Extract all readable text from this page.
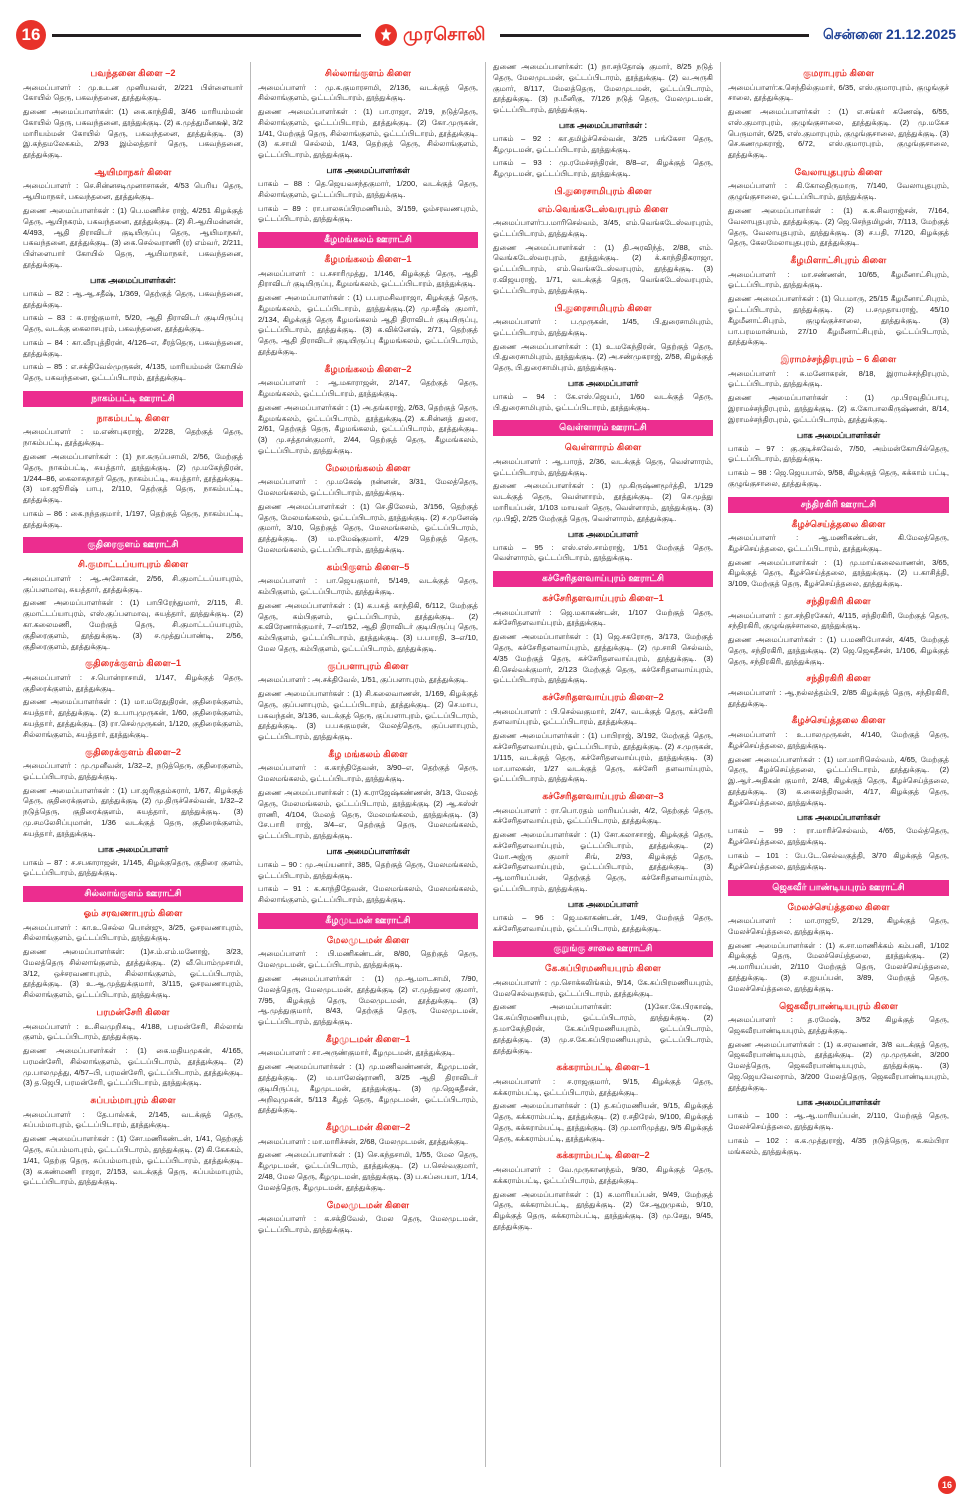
16	முரசொலி	சென்னை 21.12.2025
பவந்தனை கிளை –2

அமைப்பாளர் : மு.உடன முனியவள், 2/221 பிள்ளையார் கோயில் தெரு, பகவந்தனை, தூத்துக்குடி.

துணை அமைப்பாளர்கள்: (1) கை.காந்திகி, 3/46 மாரியம்மன் கோயில் தெரு, பகவந்தனை, தூத்துக்குடி. (2) க.முத்துமீனக்ஷி, 3/2 மாரியம்மன் கோயில் தெரு, பகவந்தனை, தூத்துக்குடி. (3) இ.கந்தமலேசுகம், 2/93 இம்லத்தார் தெரு, பகவந்தனை, தூத்துக்குடி.

ஆயிமாநகர் கிளை

அமைப்பாளர் : செ.சின்னசடிமுனாசாகன், 4/53 பெரிய தெரு, ஆயிமாநகர், பகவந்தனை, தூத்துக்குடி.

துணை அமைப்பாளர்கள் : (1) பெ.மணிச்ச ராஜ், 4/251 கிழக்குத் தெரு, ஆயிநகரம், பகவந்தனை, தூத்துக்குடி. (2) சி.ஆயிமன்னன், 4/493, ஆதி திராவிடர் குடியிருப்பு தெரு, ஆயிமாநகர், பகவந்தனை, தூத்துக்குடி. (3) கை.செல்வராணி (ர) எம்வர், 2/211, பிள்ளையார் கோயில் தெரு, ஆயிமாநகர், பகவந்தனை, தூத்துக்குடி.

பாக அமைப்பாளர்கள்:

பாகம் – 82 : ஆ.ஆ.சதீஷ், 1/369, தெற்குத் தெரு, பகவந்தனை, தூத்துக்குடி.

பாகம் – 83 : க.ராஜ்குமார், 5/20, ஆதி திராவிடர் குடியிருப்பு தெரு, வடக்கு கைலாசபுரம், பகவந்தனை, தூத்துக்குடி.

பாகம் – 84 : கா.வீரபுத்திரன், 4/126–எ, சீரத்தெரு, பகவந்தனை, தூத்துக்குடி.

பாகம் – 85 : எ.சக்திவேல்முருகன், 4/135, மாரியம்மன் கோயில் தெரு, பகவந்தனை, ஓட்டப்பிடாரம், தூத்துக்குடி.

நாகம்பட்டி ஊராட்சி
நாகம்பட்டி கிளை

அமைப்பாளர் : ம.எண்புகராஜ், 2/228, தெற்குத் தெரு, நாகம்பட்டி, தூத்துக்குடி.

துணை அமைப்பாளர்கள் : (1) நா.கருப்பசாமி, 2/56, மேற்குத் தெரு, நாகம்பட்டி, சுயத்தார், தூத்துக்குடி. (2) மு.மகேந்திரன், 1/244–86, கைலாசுநாதர் தெரு, நாகம்பட்டி, சுயத்தார், தூத்துக்குடி. (3) மா.ஜூரிஷ் பாபு, 2/110, தெற்குத் தெரு, நாகம்பட்டி, தூத்துக்குடி.

பாகம் – 86 : கை.நந்தகுமார், 1/197, தெற்குத் தெரு, நாகம்பட்டி, தூத்துக்குடி.

குதிரைகுளம் ஊராட்சி
சி.குமாட்டப்யாபுரம் கிளை

அமைப்பாளர் : ஆ.அசோகன், 2/56, சி.குமாட்டப்யாபுரம், குப்பளமாவு, சுயத்தார், தூத்துக்குடி.

துணை அமைப்பாளர்கள் : (1) பாபிரேந்துமார், 2/115, சி. குமாட்டப்யாபுரம், எஸ்.குப்பளமாவு, சுயத்தார், தூத்துக்குடி. (2) கா.கலைமணி, மேற்குத் தெரு, சி.குமாட்டப்யாபுரம், குதிரைகுளம், தூத்துக்குடி. (3) ச.முத்துப்பாண்டி, 2/56, குதிரைகுளம், தூத்துக்குடி.

குதிரைக்குளம் கிளை–1

அமைப்பாளர் : ச.பொன்ராசாமி, 1/147, கிழக்குத் தெரு, குதிரைக்குளம், தூத்துக்குடி.

துணை அமைப்பாளர்கள் : (1) மா.மரேதுதிரன், குதிரைக்குளம், சுயத்தார், தூத்துக்குடி. (2) உ.பாபுமுருகன், 1/60, குதிரைக்குளம், சுயத்தார், தூத்துக்குடி. (3) ரா.செல்முருகன், 1/120, குதிரைக்குளம், சில்லாங்குளம், சுயத்தார், தூத்துக்குடி.

குதிரைக்குளம் கிளை–2

அமைப்பாளர் : மு.முனீவன், 1/32–2, நடுத்தெரு, குதிரைகுளம், ஓட்டப்பிடாரம், தூத்துக்குடி.

துணை அமைப்பாளர்கள் : (1) பா.ஜரிகுதம்சுரார், 1/67, கிழக்குத் தெரு, குதிரைக்குளம், தூத்துக்குடி (2) மு.திருச்செல்வன், 1/32–2 நடுத்தெரு, குதிரைக்குளம், சுயத்தார், தூத்துக்குடி. (3) மு.சமலேசிப்புமான், 1/36 வடக்குத் தெரு, குதிரைக்குளம், சுயத்தார், தூத்துக்குடி.

பாக அமைப்பாளர்

பாகம் – 87 : ச.சபகாராஜன், 1/145, கிழக்குதெரு, குதிரை குளம், ஓட்டப்பிடாரம், தூத்துக்குடி.

சில்லாங்குளம் ஊராட்சி
ஓம் சரவணாபுரம் கிளை

அமைப்பாளர் : கா.உ.செல்ல பொன்ஜு, 3/25, ஓசரவணாபுரம், சில்லாங்குளம், ஓட்டப்பிடாரம், தூத்துக்குடி.

துணை அமைப்பாளர்கள்: (1)ச.ம்.எம்.மனோஜ், 3/23, மேலத்தெரு சில்லாங்குளம், தூத்துக்குடி. (2) வீ.பொம்முசாமி, 3/12, ஒச்சரவணாபுரம், சில்லாங்குளம், ஓட்டப்பிடாரம், தூத்துக்குடி. (3) உ.ஆ.முத்துக்குமார், 3/115, ஓசரவணாபுரம், சில்லாங்குளம், ஓட்டப்பிடாரம், தூத்துக்குடி.

பரமன்சேரி கிளை

அமைப்பாளர் : உ.சிவமுறிசுடி, 4/188, பரமன்சேரி, சில்லாங் குளம், ஓட்டப்பிடாரம், தூத்துக்குடி.

துணை அமைப்பாளர்கள் : (1) கை.மதியமுகன், 4/165, பரமன்சேரி, சில்லாங்குளம், ஓட்டப்பிடாரம், தூத்துக்குடி. (2) மு.பாலமுத்து, 4/57–பி, பரமன்சேரி, ஓட்டப்பிடாரம், தூத்துக்குடி. (3) த.ஜெபி, பரமன்சேரி, ஓட்டப்பிடாரம், தூத்துக்குடி.

சுப்பம்மாபுரம் கிளை

அமைப்பாளர் : தே.பால்சுக், 2/145, வடக்குத் தெரு, சுப்பம்மாபுரம், ஓட்டப்பிடாரம், தூத்துக்குடி.

துணை அமைப்பாளர்கள் : (1) சோ.மணிகண்டன், 1/41, தெற்குத் தெரு, சுப்பம்மாபுரம், ஓட்டப்பிடாரம், தூத்துக்குடி. (2) கி.கேசுகம், 1/41, தெற்கு தெரு, சுப்பம்மாபுரம், ஓட்டப்பிடாரம், தூத்துக்குடி. (3) க.கண்மணி ராஜா, 2/153, வடக்குத் தெரு, சுப்பம்மாபுரம், ஓட்டப்பிடாரம், தூத்துக்குடி.

சில்லாங்குளம் கிளை

அமைப்பாளர் : மு.க.குமாரசாமி, 2/136, வடக்குத் தெரு, சில்லாங்குளம், ஓட்டப்பிடாரம், தூத்துக்குடி.

துணை அமைப்பாளர்கள் : (1) பா.ராஜா, 2/19, நடுத்தெரு, சில்லாங்குளம், ஓட்டப்பிடாரம், தூத்துக்குடி. (2) கோ.முருகன், 1/41, மேற்குத் தெரு, சில்லாங்குளம், ஓட்டப்பிடாரம், தூத்துக்குடி. (3) க.சாமி செல்லம், 1/43, தெற்குத் தெரு, சில்லாங்குளம், ஓட்டப்பிடாரம், தூத்துக்குடி.

பாக அமைப்பாளர்கள்

பாகம் – 88 : தெ.ஜெயவசந்தகுமார், 1/200, வடக்குத் தெரு, சில்லாங்குளம், ஓட்டப்பிடாரம், தூத்துக்குடி.

பாகம் – 89 : ரா.பாலசுப்பிரமணியம், 3/159, ஓம்சரவணபுரம், ஓட்டப்பிடாரம், தூத்துக்குடி.

கீழமங்கலம் ஊராட்சி
கீழமங்கலம் கிளை–1

அமைப்பாளர் : ப.சசாரிமுத்து, 1/146, கிழக்குத் தெரு, ஆதி திராவிடர் குடியிருப்பு, கீழமங்கலம், ஓட்டப்பிடாரம், தூத்துக்குடி.

துணை அமைப்பாளர்கள் : (1) ப.பரமசிவராஜா, கிழக்குத் தெரு, கீழமங்கலம், ஓட்டப்பிடாரம், தூத்துக்குடி.(2) மு.சதீஷ் குமார், 2/134, கிழக்குத் தெரு கீழமங்கலம் ஆதி திராவிடர் குடியிருப்பு, ஓட்டப்பிடாரம், தூத்துக்குடி. (3) க.விக்னேஷ், 2/71, தெற்குத் தெரு, ஆதி திராவிடர் குடியிருப்பு கீழமங்கலம், ஓட்டப்பிடாரம், தூத்துக்குடி.

கீழமங்கலம் கிளை–2

அமைப்பாளர் : ஆ.மகாராஜன், 2/147, தெற்குத் தெரு, கீழமங்கலம், ஓட்டப்பிடாரம், தூத்துக்குடி.

துணை அமைப்பாளர்கள் : (1) அ.தங்கராஜ், 2/63, தெற்குத் தெரு, கீழமங்கலம், ஓட்டப்பிடாரம், தூத்துக்குடி.(2) க.சின்னத் துரை, 2/61, தெற்குத் தெரு, கீழமங்கலம், ஓட்டப்பிடாரம், தூத்துக்குடி. (3) மு.சத்தான்குமார், 2/44, தெற்குத் தெரு, கீழமங்கலம், ஓட்டப்பிடாரம், தூத்துக்குடி.

மேலமங்கலம் கிளை

அமைப்பாளர் : மு.மகேஷ் நன்னன், 3/31, மேலத்தெரு, மேலமங்கலம், ஓட்டப்பிடாரம், தூத்துக்குடி.

துணை அமைப்பாளர்கள் : (1) செ.திலேசம், 3/156, தெற்குத் தெரு, மேலமங்கலம், ஓட்டப்பிடாரம், தூத்துக்குடி. (2) ச.முனேஷ் குமார், 3/10, தெற்குத் தெரு, மேலமங்கலம், ஓட்டப்பிடாரம், தூத்துக்குடி. (3) ம.ரமேஷ்குமார், 4/29 தெற்குத் தெரு, மேலமங்கலம், ஓட்டப்பிடாரம், தூத்துக்குடி.

கம்பிகுளம் கிளை–5

அமைப்பாளர் : பா.ஜெயகுமார், 5/149, வடக்குத் தெரு, கம்பிகுளம், ஓட்டப்பிடாரம், தூத்துக்குடி.

துணை அமைப்பாளர்கள் : (1) க.பசுத் காந்திகி, 6/112, மேற்குத் தெரு, கம்பிகுளம், ஓட்டப்பிடாரம், தூத்துக்குடி. (2) க.விரேணாக்குமார், 7–எ/152, ஆதி திராவிடர் குடியிருப்பு தெரு, கம்பிகுளம், ஓட்டப்பிடாரம், தூத்துக்குடி. (3) ப.பாரதி, 3–எ/10, மேல தெரு, கம்பிகுளம், ஓட்டப்பிடாரம், தூத்துக்குடி.

குப்பளாபுரம் கிளை

அமைப்பாளர் : அ.சக்திவேல், 1/51, குப்பளாபுரம், தூத்துக்குடி.

துணை அமைப்பாளர்கள் : (1) சி.கலைவாணன், 1/169, கிழக்குத் தெரு, குப்பளாபுரம், ஓட்டப்பிடாரம், தூத்துக்குடி. (2) செ.மாப, பசுவந்தன், 3/136, வடக்குத் தெரு, குப்பளாபுரம், ஓட்டப்பிடாரம், தூத்துக்குடி. (3) ப.பசுகுமரன், மேலத்தெரு, குப்பளாபுரம், ஓட்டப்பிடாரம், தூத்துக்குடி.

கீழ மங்கலம் கிளை

அமைப்பாளர் : க.காந்திதேவன், 3/90–எ, தெற்குத் தெரு, மேலமங்கலம், ஓட்டப்பிடாரம், தூத்துக்குடி.

துணை அமைப்பாளர்கள் : (1) க.ராஜேஷ்கண்ணன், 3/13, மேலத் தெரு, மேலமங்கலம், ஓட்டப்பிடாரம், தூத்துக்குடி (2) ஆ.கஸ்ள் ராணி, 4/104, மேலத் தெரு, மேலமங்கலம், தூத்துக்குடி. (3) சே.பாரி ராஜ், 3/4–எ, தெற்குத் தெரு, மேலமங்கலம், ஓட்டப்பிடாரம், தூத்துக்குடி.

பாக அமைப்பாளர்கள்

பாகம் – 90 : மு.அய்யனார், 385, தெற்குத் தெரு, மேலமங்கலம், ஓட்டப்பிடாரம், தூத்துக்குடி.

பாகம் – 91 : க.காந்திதேவன், மேலமங்கலம், மேலமங்கலம், சில்லாங்குளம், ஓட்டப்பிடாரம், தூத்துக்குடி.

கீழமுடமன் ஊராட்சி
மேலமுடமன் கிளை

அமைப்பாளர் : பி.மணிகண்டன், 8/80, தெற்குத் தெரு, மேலமுடமன், ஓட்டப்பிடாரம், தூத்துக்குடி.

துணை அமைப்பாளர்கள் : (1) மு.ஆ.மாடசாமி, 7/90, மேலத்தெரு, மேலமுடமன், தூத்துக்குடி (2) எ.முத்துரை குமார், 7/95, கிழக்குத் தெரு, மேலமுடமன், தூத்துக்குடி. (3) ஆ.முத்துகுமார், 8/43, தெற்குத் தெரு, மேலமுடமன், ஓட்டப்பிடாரம், தூத்துக்குடி.

கீழமுடமன் கிளை–1

அமைப்பாளர் : சா.அருண்குமார், கீழமுடமன், தூத்துக்குடி.

துணை அமைப்பாளர்கள் : (1) மு.மணிவண்ணன், கீழமுடமன், தூத்துக்குடி. (2) ம.பாலேஷ்ராணி, 3/25 ஆதி திராவிடர் குடியிருப்பு, கீழமுடமன், தூத்துக்குடி. (3) மு.ஜெகதீசன், அறிவுமுகன், 5/113 கீழத் தெரு, கீழமுடமன், ஓட்டப்பிடாரம், தூத்துக்குடி.

கீழமுடமன் கிளை–2

அமைப்பாளர் : மா.மாரிச்சன், 2/68, மேலமுடமன், தூத்துக்குடி.

துணை அமைப்பாளர்கள் : (1) செ.கந்தசாமி, 1/55, மேல தெரு, கீழமுடமன், ஓட்டப்பிடாரம், தூத்துக்குடி. (2) ப.செல்வகுமார், 2/48, மேல தெரு, கீழமுடமன், தூத்துக்குடி. (3) ப.சுப்பையா, 1/14, மேலத்தெரு, கீழமுடமன், தூத்துக்குடி.

மேலமுடமன் கிளை

அமைப்பாளர் : க.சக்திவேல், மேல தெரு, மேலமுடமன், ஓட்டப்பிடாரம், தூத்துக்குடி.

துணை அமைப்பாளர்கள்: (1) நா.சந்தோஷ் குமார், 8/25 நடுத் தெரு, மேலமுடமன், ஓட்டப்பிடாரம், தூத்துக்குடி. (2) வ.அருகி குமார், 8/117, மேலத்தெரு, மேலமுடமன், ஓட்டப்பிடாரம், தூத்துக்குடி. (3) ந.மீனிகு, 7/126 நடுத் தெரு, மேலமுடமன், ஓட்டப்பிடாரம், தூத்துக்குடி.

பாக அமைப்பாளர்கள் :

பாகம் – 92 : கா.தமிழ்ச்செல்வன், 3/25 பங்கேசா தெரு, கீழமுடமன், ஓட்டப்பிடாரம், தூத்துக்குடி.

பாகம் – 93 : மு.ரமேச்சந்திரன், 8/8–எ, கிழக்குத் தெரு, கீழமுடமன், ஓட்டப்பிடாரம், தூத்துக்குடி.

பி.துரைசாமிபுரம் கிளை
எம்.வெங்கடேஸ்வரபுரம் கிளை

அமைப்பாளர்:ப.மாரிசெல்வம், 3/45, எம்.வெங்கடேஸ்வரபுரம், ஓட்டப்பிடாரம், தூத்துக்குடி.

துணை அமைப்பாளர்கள் : (1) தி.அரவிந்த், 2/88, எம். வெங்கடேஸ்வரபுரம், தூத்துக்குடி. (2) க்.காந்திதிகராஜா, ஓட்டப்பிடாரம், எம்.வெங்கடேஸ்வரபுரம், தூத்துக்குடி. (3) ர.விஜயராஜ், 1/71, வடக்குத் தெரு, வெங்கடேஸ்வரபுரம், ஓட்டப்பிடாரம், தூத்துக்குடி.

பி.துரைசாமிபுரம் கிளை

அமைப்பாளர் : ப.முருகன், 1/45, பி.துரைசாமிபுரம், ஓட்டப்பிடாரம், தூத்துக்குடி.

துணை அமைப்பாளர்கள் : (1) உ.மகேந்திரன், தெற்குத் தெரு, பி.துரைசாமிபுரம், தூத்துக்குடி. (2) அ.சண்முகராஜ், 2/58, கிழக்குத் தெரு, பி.துரைசாமிபுரம், தூத்துக்குடி.

பாக அமைப்பாளர்

பாகம் – 94 : கே.எஸ்.ஜெயப், 1/60 வடக்குத் தெரு, பி.துரைசாமிபுரம், ஓட்டப்பிடாரம், தூத்துக்குடி.

வெள்ளாரம் ஊராட்சி
வெள்ளாரம் கிளை

அமைப்பாளர் : ஆ.பாரத், 2/36, வடக்குத் தெரு, வெள்ளாரம், ஓட்டப்பிடாரம், தூத்துக்குடி.

துணை அமைப்பாளர்கள் : (1) மு.கிருஷ்ணமூர்த்தி, 1/129 வடக்குத் தெரு, வெள்ளாரம், தூத்துக்குடி. (2) செ.முத்து மாரியப்பன், 1/103 மாயவர் தெரு, வெள்ளாரம், தூத்துக்குடி. (3) மு.பிஜி, 2/25 மேற்குத் தெரு, வெள்ளாரம், தூத்துக்குடி.

பாக அமைப்பாளர்

பாகம் – 95 : எஸ்.எஸ்.சாம்ராஜ், 1/51 மேற்குத் தெரு, வெள்ளாரம், ஓட்டப்பிடாரம், தூத்துக்குடி.

கச்சேரிதளவாய்புரம் ஊராட்சி
கச்சேரிதளவாய்புரம் கிளை–1

அமைப்பாளர் : ஜெ.மகாகண்டன், 1/107 மேற்குத் தெரு, கச்சேரிதளவாய்புரம், தூத்துக்குடி.

துணை அமைப்பாளர்கள் : (1) ஜெ.சகரோரூ, 3/173, மேற்குத் தெரு, கச்சேரிதளவாய்புரம், தூத்துக்குடி. (2) மு.சாசி செல்வம், 4/35 மேற்குத் தெரு, கச்சேரிதளவாய்புரம், தூத்துக்குடி. (3) கி.செல்வக்குமார், 2/123 மேற்குத் தெரு, கச்சேரிதளவாய்புரம், ஓட்டப்பிடாரம், தூத்துக்குடி.

கச்சேரிதளவாய்புரம் கிளை–2

அமைப்பாளர் : பி.செல்வகுமார், 2/47, வடக்குத் தெரு, கச்சேரி தளவாய்புரம், ஓட்டப்பிடாரம், தூத்துக்குடி.

துணை அமைப்பாளர்கள் : (1) பாபிராஜ், 3/192, மேற்குத் தெரு, கச்சேரிதளவாய்புரம், ஓட்டப்பிடாரம், தூத்துக்குடி. (2) ச.முருகன், 1/115, வடக்குத் தெரு, கச்சேரிதளவாய்புரம், தூத்துக்குடி. (3) மா.பாலகன், 1/27 வடக்குத் தெரு, கச்சேரி தளவாய்புரம், ஓட்டப்பிடாரம், தூத்துக்குடி.

கச்சேரிதளவாய்புரம் கிளை–3

அமைப்பாளர் : ரா.பொ.ரதம் மாரியப்பன், 4/2, தெற்குத் தெரு, கச்சேரிதளவாய்புரம், ஓட்டப்பிடாரம், தூத்துக்குடி.

துணை அமைப்பாளர்கள் : (1) சோ.கலாசாாஜ், கிழக்குத் தெரு, கச்சேரிதளவாய்புரம், ஓட்டப்பிடாரம், தூத்துக்குடி. (2) மோ.அஜ்ரு குமார் சிங், 2/93, கிழக்குத் தெரு, கச்சேரிதளவாய்புரம், ஓட்டப்பிடாரம், தூத்துக்குடி. (3) ஆ.மாரியப்பன், தெற்குத் தெரு, கச்சேரிதளவாய்புரம், ஓட்டப்பிடாரம், தூத்துக்குடி.

பாக அமைப்பாளர்

பாகம் – 96 : ஜெ.மகாகண்டன், 1/49, மேற்குத் தெரு, கச்சேரிதளவாய்புரம், ஓட்டப்பிடாரம், தூத்துக்குடி.

குறுங்கு சாலை ஊராட்சி
கே.சுப்பிரமணியபுரம் கிளை

அமைப்பாளர் : மு.சொக்கலிங்கம், 9/14, கே.சுப்பிரமணியபுரம், மேலசெல்வநகரம், ஓட்டப்பிடாரம், தூத்துக்குடி.

துணை அமைப்பாளர்கள்: (1)கோ.கே.பிரகாஷ், கே.சுப்பிரமணியபுரம், ஓட்டப்பிடாரம், தூத்துக்குடி. (2) த.மாகேந்திரன், கே.சுப்பிரமணியபுரம், ஓட்டப்பிடாரம், தூத்துக்குடி. (3) மு.ச.கே.சுப்பிரமணியபுரம், ஓட்டப்பிடாரம், தூத்துக்குடி.

கக்கராம்பட்டி கிளை–1

அமைப்பாளர் : ச.ராஜகுமார், 9/15, கிழக்குத் தெரு, கக்கராம்பட்டி, ஓட்டப்பிடாரம், தூத்துக்குடி.

துணை அமைப்பாளர்கள் : (1) த.சுப்ரமணியன், 9/15, கிழக்குத் தெரு, கக்கராம்பட்டி, தூத்துக்குடி. (2) ர.சதிரேல், 9/100, கிழக்குத் தெரு, கக்கராம்பட்டி, தூத்துக்குடி. (3) மு.மாரிமுத்து, 9/5 கிழக்குத் தெரு, கக்கராம்பட்டி, தூத்துக்குடி.

கக்கராம்பட்டி கிளை–2

அமைப்பாளர் : வே.முருகானந்தம், 9/30, கிழக்குத் தெரு, கக்கராம்பட்டி, ஓட்டப்பிடாரம், தூத்துக்குடி.

துணை அமைப்பாளர்கள் : (1) சு.மாரியப்பன், 9/49, மேற்குத் தெரு, கக்கராம்பட்டி, தூத்துக்குடி. (2) சே.ஆறுமுகம், 9/10, கிழக்குத் தெரு, கக்கராம்பட்டி, தூத்துக்குடி. (3) மு.சேது, 9/45, தூத்துக்குடி.

குமராபுரம் கிளை

அமைப்பாளர்:க.செந்தில்குமார், 6/35, எஸ்.குமாரபுரம், குழுங்குச் சாலை, தூத்துக்குடி.

துணை அமைப்பாளர்கள் : (1) எ.சங்கர் கணேஷ், 6/55, எஸ்.குமாரபுரம், குழுங்குசாலை, தூத்துக்குடி. (2) மு.மகேச பெருமாள், 6/25, எஸ்.குமாரபுரம், குழுங்குசாலை, தூத்துக்குடி. (3) செ.கணமுகராஜ், 6/72, எஸ்.குமாரபுரம், குழுங்குசாலை, தூத்துக்குடி.

வேலாயுதபுரம் கிளை

அமைப்பாளர் : கி.கோலதிருமாரு, 7/140, வேலாயுதபுரம், குழுங்குசாலை, ஓட்டப்பிடாரம், தூத்துக்குடி.

துணை அமைப்பாளர்கள் : (1) க.க.சிவராஜ்சன், 7/164, வேலாயுதபுரம், தூத்துக்குடி. (2) ஜெ.செந்தமிழன், 7/113, மேற்குத் தெரு, வேலாயுதபுரம், தூத்துக்குடி. (3) ச.பதி, 7/120, கிழக்குத் தெரு, கேலமேலாயுதபுரம், தூத்துக்குடி.

கீழமிளாட்சிபுரம் கிளை

அமைப்பாளர் : மா.சண்ணன், 10/65, கீழமீனாட்சிபுரம், ஓட்டப்பிடாரம், தூத்துக்குடி.

துணை அமைப்பாளர்கள் : (1) பெ.மாரு, 25/15 கீழமீனாட்சிபுரம், ஓட்டப்பிடாரம், தூத்துக்குடி. (2) ப.சமுதாயராஜ், 45/10 கீழமீனாட்சிபுரம், குழுங்குச்சாலை, தூத்துக்குடி. (3) பா.பரமமான்யம், 27/10 கீழமீனாட்சிபுரம், ஓட்டப்பிடாரம், தூத்துக்குடி.

இராமச்சந்திரபுரம் – 6 கிளை

அமைப்பாளர் : சு.மனோகரன், 8/18, இராமச்சந்திரபுரம், ஓட்டப்பிடாரம், தூத்துக்குடி.

துணை அமைப்பாளர்கள் : (1) மு.பிரவுதிப்பாபு, இராமச்சந்திரபுரம், தூத்துக்குடி. (2) க.கோபாலகிருஷ்ணன், 8/14, இராமச்சந்திரபுரம், ஓட்டப்பிடாரம், தூத்துக்குடி.

பாக அமைப்பாளர்கள்

பாகம் – 97 : கு.குடிச்சுவேல், 7/50, அம்மன்கோயில்தெரு, ஓட்டப்பிடாரம், தூத்துக்குடி.

பாகம் – 98 : ஜெ.ஜெயபால், 9/58, கிழக்குத் தெரு, கக்காம் பட்டி, குழுங்குசாலை, தூத்துக்குடி.

சந்திரகிரி ஊராட்சி
கீழச்செய்த்தலை கிளை

அமைப்பாளர் : ஆ.மணிகண்டன், கி.மேலத்தெரு, கீழச்செய்த்தலை, ஓட்டப்பிடாரம், தூத்துக்குடி.

துணை அமைப்பாளர்கள் : (1) மு.மாய்கலைவாணன், 3/65, கிழக்குத் தெரு, கீழச்செய்த்தலை, தூத்துக்குடி. (2) ப.காசித்தி, 3/109, மேற்குத் தெரு, கீழச்செய்த்தலை, தூத்துக்குடி.

சந்திரகிரி கிளை

அமைப்பாளர் : தா.சந்திரசேகர், 4/115, சந்திரகிரி, மேற்குத் தெரு, சந்திரகிரி, குழுங்குச்சாலை, தூத்துக்குடி.

துணை அமைப்பாளர்கள் : (1) ப.மணிபோசன், 4/45, மேற்குத் தெரு, சந்திரகிரி, தூத்துக்குடி. (2) ஜெ.ஜெகதீசன், 1/106, கிழக்குத் தெரு, சந்திரகிரி, தூத்துக்குடி.

சந்திரகிரி கிளை

அமைப்பாளர் : ஆ.நல்லத்தம்பி, 2/85 கிழக்குத் தெரு, சந்திரகிரி, தூத்துக்குடி.

கீழச்செய்த்தலை கிளை

அமைப்பாளர் : உ.பாலமுருகன், 4/140, மேற்குத் தெரு, கீழச்செய்த்தலை, தூத்துக்குடி.

துணை அமைப்பாளர்கள் : (1) மா.மாரிசெல்வம், 4/65, மேற்குத் தெரு, கீழச்செய்த்தலை, ஓட்டப்பிடாரம், தூத்துக்குடி. (2) இ.ஆர்.அதிகன் குமார், 2/48, கிழக்குத் தெரு, கீழச்செய்த்தலை, தூத்துக்குடி. (3) க.கைலத்திரவன், 4/17, கிழக்குத் தெரு, கீழச்செய்த்தலை, தூத்துக்குடி.

பாக அமைப்பாளர்கள்

பாகம் – 99 : ரா.மாரிச்செல்வம், 4/65, மேல்த்தெரு, கீழச்செய்த்தலை, தூத்துக்குடி.

பாகம் – 101 : பே.டே.செல்வகுத்தி, 3/70 கிழக்குத் தெரு, கீழச்செய்த்தலை, தூத்துக்குடி.

ஜெகவீர் பாண்டியபுரம் ஊராட்சி
மேலச்செய்த்தலை கிளை

அமைப்பாளர் : மா.ராஜூ, 2/129, கிழக்குத் தெரு, மேலச்செய்த்தலை, தூத்துக்குடி.

துணை அமைப்பாளர்கள் : (1) சு.சா.மாணிக்கம் கம்பனி, 1/102 கிழக்குத் தெரு, மேலச்செய்த்தலை, தூத்துக்குடி. (2) அ.மாரியப்பன், 2/110 மேற்குத் தெரு, மேலச்செய்த்தலை, தூத்துக்குடி. (3) ச.ஐயப்பன், 3/89, மேற்குத் தெரு, மேலச்செய்த்தலை, தூத்துக்குடி.

ஜெகவீரபாண்டியபுரம் கிளை

அமைப்பாளர் : த.ரமேஷ், 3/52 கிழக்குத் தெரு, ஜெகவீரபாண்டியபுரம், தூத்துக்குடி.

துணை அமைப்பாளர்கள் : (1) க.சரவணன், 3/8 வடக்குத் தெரு, ஜெகவீரபாண்டியபுரம், தூத்துக்குடி. (2) மு.முருகன், 3/200 மேலத்தெரு, ஜெகவீரபாண்டியபுரம், தூத்துக்குடி. (3) ஜெ.ஜெயவேலராம், 3/200 மேலத்தெரு, ஜெகவீரபாண்டியபுரம், தூத்துக்குடி.

பாக அமைப்பாளர்கள்

பாகம் – 100 : ஆ.ஆ.மாரியப்பன், 2/110, மேற்குத் தெரு, மேலச்செய்த்தலை, தூத்துக்குடி.

பாகம் – 102 : க.க.முத்துராஜ், 4/35 நடுத்தெரு, க.கம்பிரா மங்கலம், தூத்துக்குடி.

16
